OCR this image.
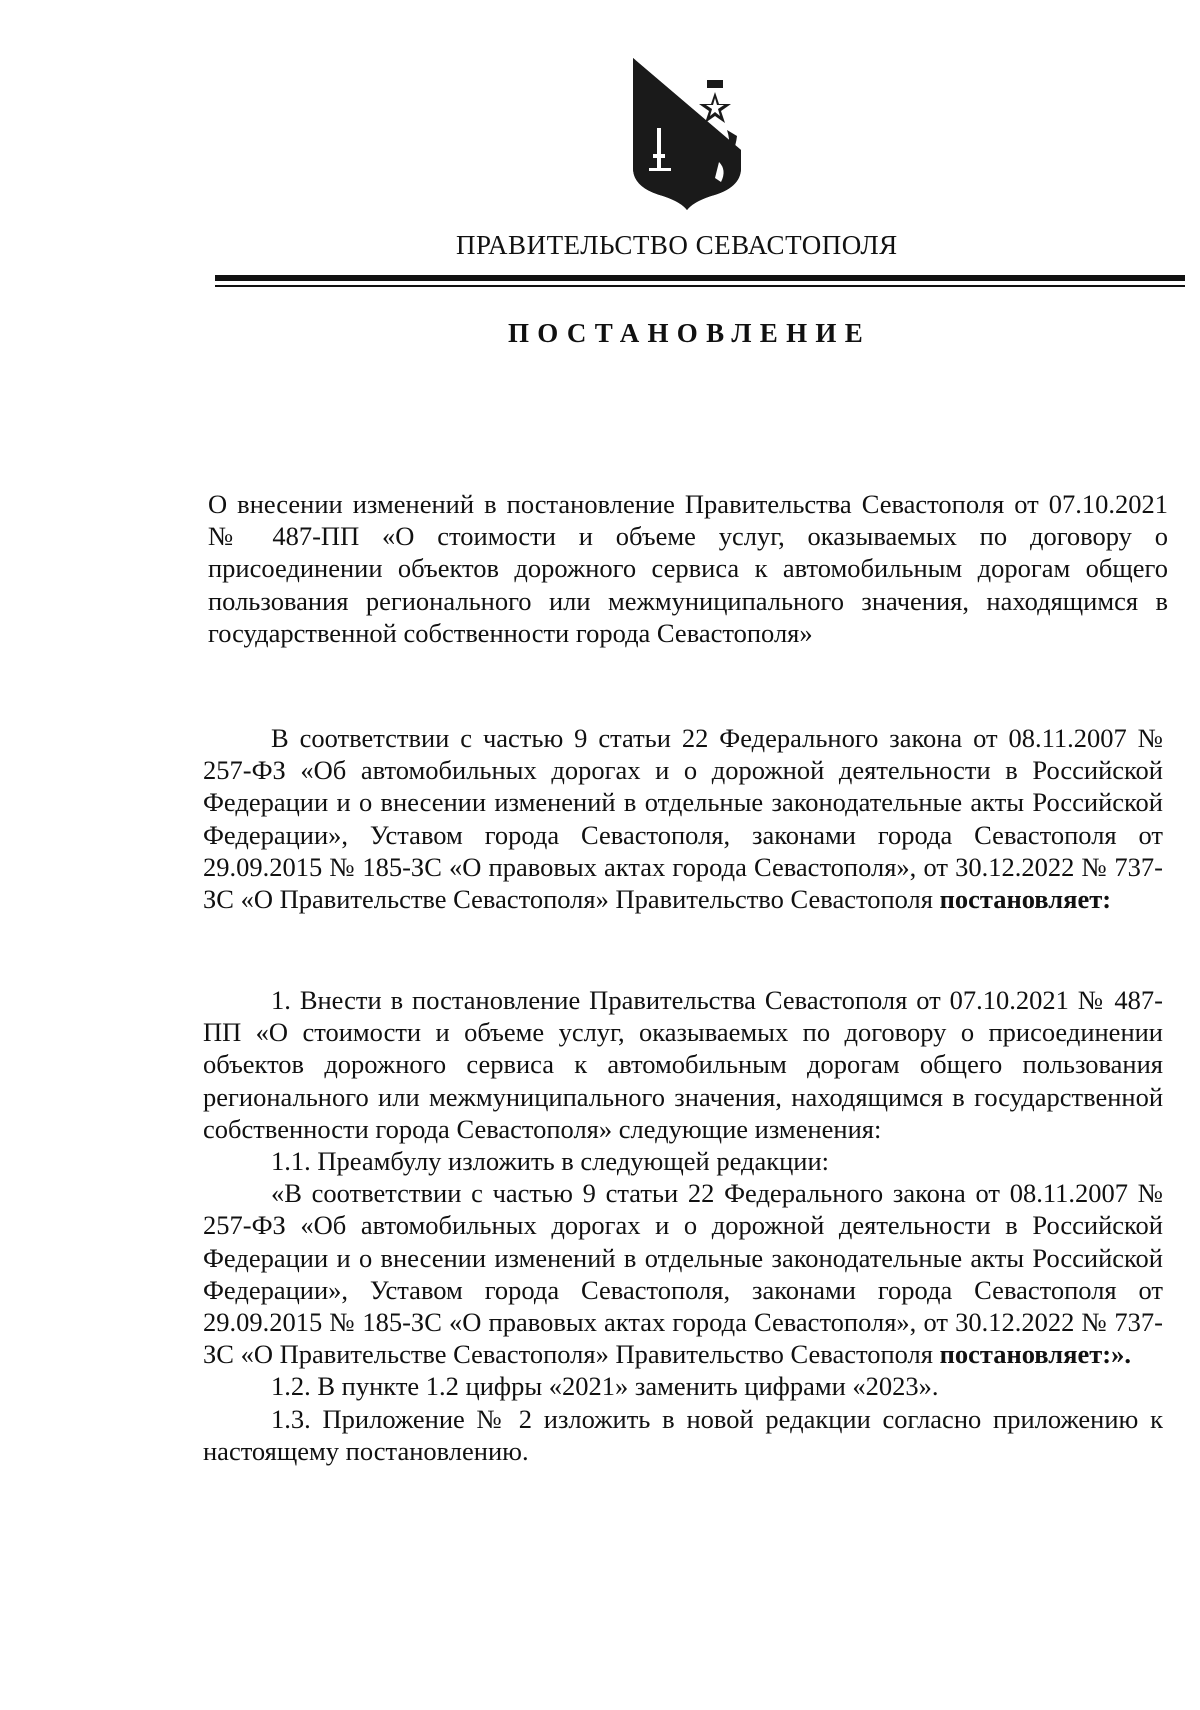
ПРАВИТЕЛЬСТВО СЕВАСТОПОЛЯ
ПОСТАНОВЛЕНИЕ

О внесении изменений в постановление Правительства Севастополя от 07.10.2021 № 487-ПП «О стоимости и объеме услуг, оказываемых по договору о присоединении объектов дорожного сервиса к автомобильным дорогам общего пользования регионального или межмуниципального значения, находящимся в государственной собственности города Севастополя»

В соответствии с частью 9 статьи 22 Федерального закона от 08.11.2007 № 257-ФЗ «Об автомобильных дорогах и о дорожной деятельности в Российской Федерации и о внесении изменений в отдельные законодательные акты Российской Федерации», Уставом города Севастополя, законами города Севастополя от 29.09.2015 № 185-ЗС «О правовых актах города Севастополя», от 30.12.2022 № 737-ЗС «О Правительстве Севастополя» Правительство Севастополя постановляет:

1. Внести в постановление Правительства Севастополя от 07.10.2021 № 487-ПП «О стоимости и объеме услуг, оказываемых по договору о присоединении объектов дорожного сервиса к автомобильным дорогам общего пользования регионального или межмуниципального значения, находящимся в государственной собственности города Севастополя» следующие изменения:

1.1. Преамбулу изложить в следующей редакции:

«В соответствии с частью 9 статьи 22 Федерального закона от 08.11.2007 № 257-ФЗ «Об автомобильных дорогах и о дорожной деятельности в Российской Федерации и о внесении изменений в отдельные законодательные акты Российской Федерации», Уставом города Севастополя, законами города Севастополя от 29.09.2015 № 185-ЗС «О правовых актах города Севастополя», от 30.12.2022 № 737-ЗС «О Правительстве Севастополя» Правительство Севастополя постановляет:».

1.2. В пункте 1.2 цифры «2021» заменить цифрами «2023».

1.3. Приложение № 2 изложить в новой редакции согласно приложению к настоящему постановлению.
